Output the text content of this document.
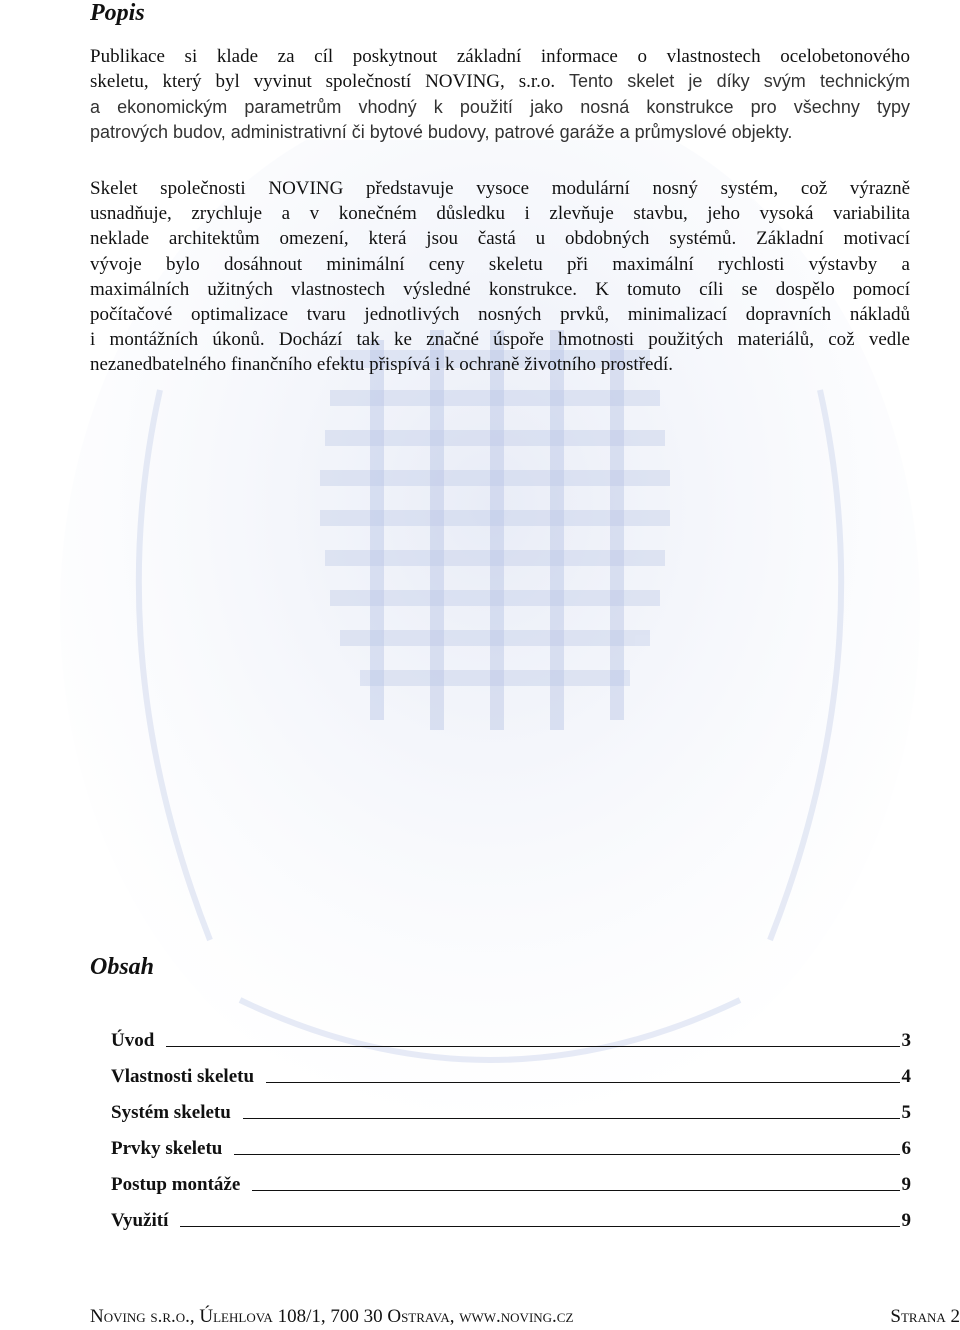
Popis
Publikace si klade za cíl poskytnout základní informace o vlastnostech ocelobetonového
skeletu, který byl vyvinut společností NOVING, s.r.o. Tento skelet je díky svým technickým
a ekonomickým parametrům vhodný k použití jako nosná konstrukce pro všechny typy
patrových budov, administrativní či bytové budovy, patrové garáže a průmyslové objekty.
Skelet společnosti NOVING představuje vysoce modulární nosný systém, což výrazně
usnadňuje, zrychluje a v konečném důsledku i zlevňuje stavbu, jeho vysoká variabilita
neklade architektům omezení, která jsou častá u obdobných systémů. Základní motivací
vývoje bylo dosáhnout minimální ceny skeletu při maximální rychlosti výstavby a
maximálních užitných vlastnostech výsledné konstrukce. K tomuto cíli se dospělo pomocí
počítačové optimalizace tvaru jednotlivých nosných prvků, minimalizací dopravních nákladů
i montážních úkonů. Dochází tak ke značné úspoře hmotnosti použitých materiálů, což vedle
nezanedbatelného finančního efektu přispívá i k ochraně životního prostředí.
Obsah
Úvod	3
Vlastnosti skeletu	4
Systém skeletu	5
Prvky skeletu	6
Postup montáže	9
Využití	9
Noving s.r.o., Úlehlova 108/1, 700 30 Ostrava, www.noving.cz	Strana 2
